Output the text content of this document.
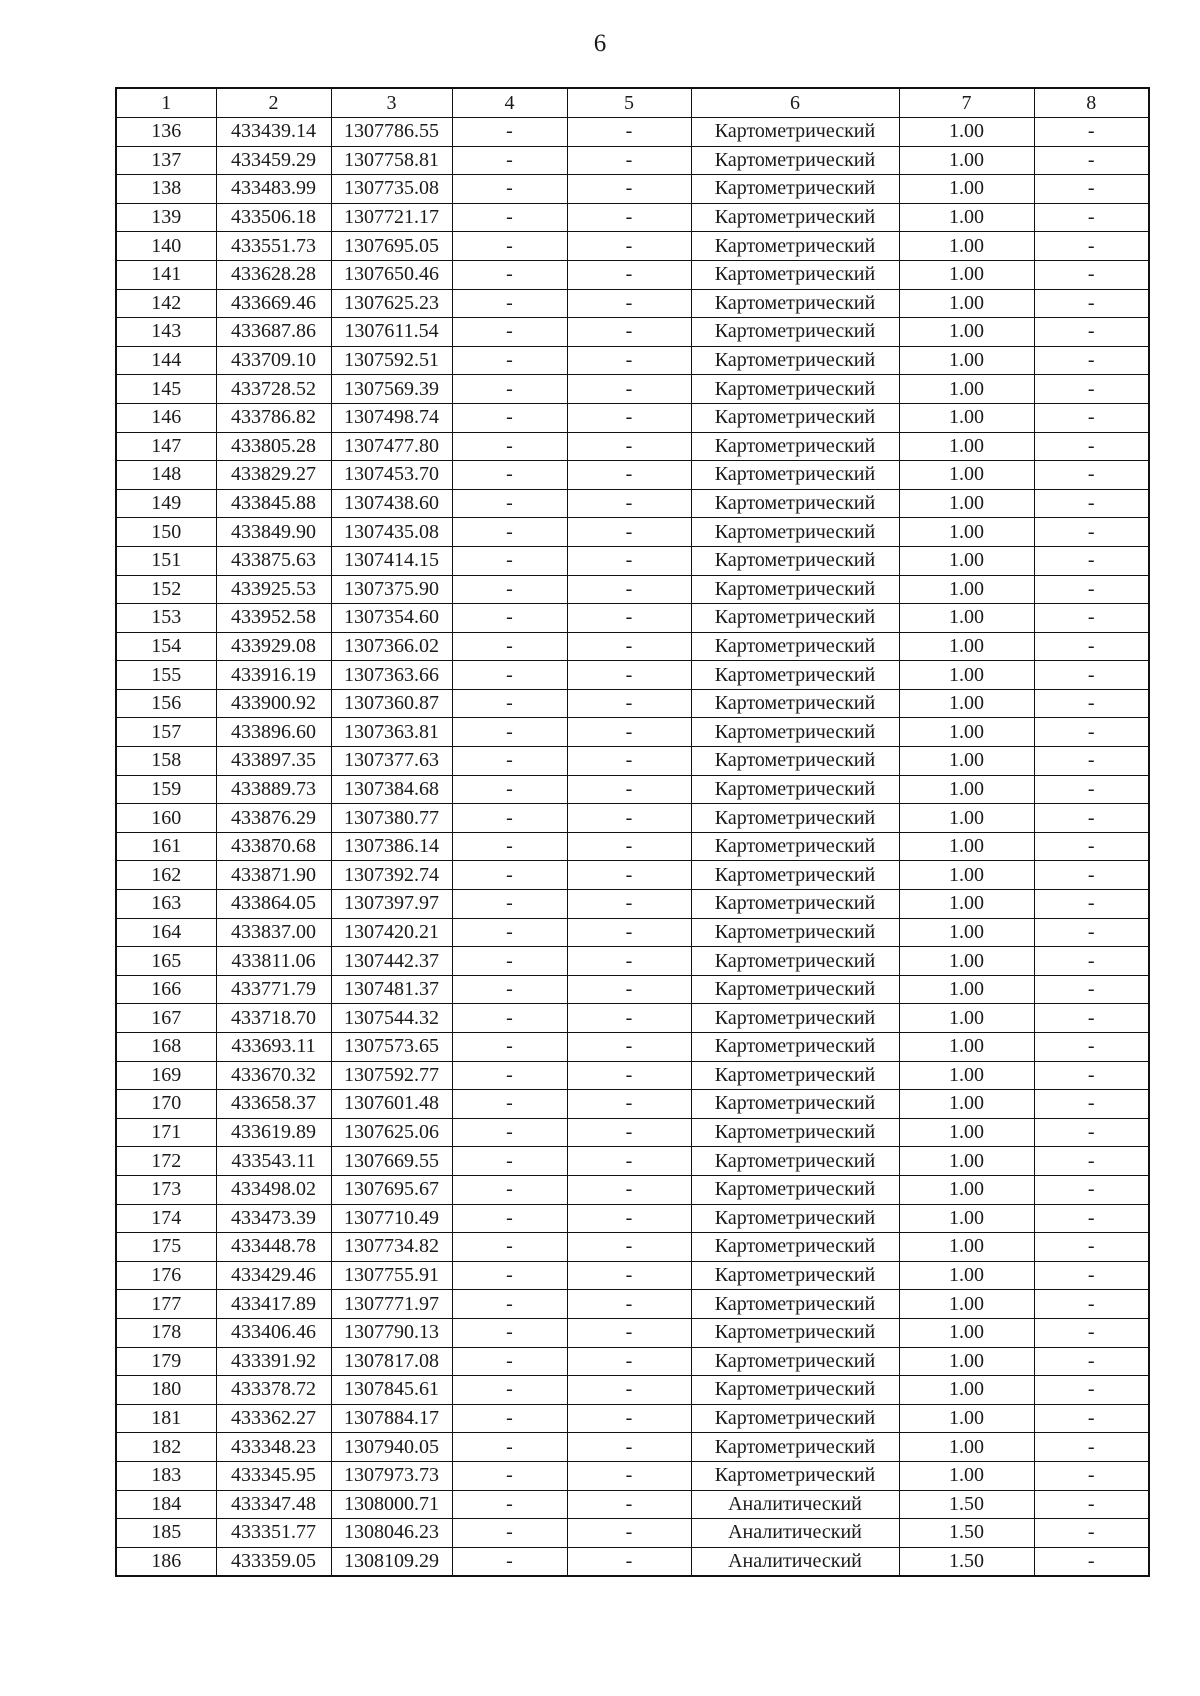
6
1	2	3	4	5	6	7	8
136	433439.14	1307786.55	-	-	Картометрический	1.00	-
137	433459.29	1307758.81	-	-	Картометрический	1.00	-
138	433483.99	1307735.08	-	-	Картометрический	1.00	-
139	433506.18	1307721.17	-	-	Картометрический	1.00	-
140	433551.73	1307695.05	-	-	Картометрический	1.00	-
141	433628.28	1307650.46	-	-	Картометрический	1.00	-
142	433669.46	1307625.23	-	-	Картометрический	1.00	-
143	433687.86	1307611.54	-	-	Картометрический	1.00	-
144	433709.10	1307592.51	-	-	Картометрический	1.00	-
145	433728.52	1307569.39	-	-	Картометрический	1.00	-
146	433786.82	1307498.74	-	-	Картометрический	1.00	-
147	433805.28	1307477.80	-	-	Картометрический	1.00	-
148	433829.27	1307453.70	-	-	Картометрический	1.00	-
149	433845.88	1307438.60	-	-	Картометрический	1.00	-
150	433849.90	1307435.08	-	-	Картометрический	1.00	-
151	433875.63	1307414.15	-	-	Картометрический	1.00	-
152	433925.53	1307375.90	-	-	Картометрический	1.00	-
153	433952.58	1307354.60	-	-	Картометрический	1.00	-
154	433929.08	1307366.02	-	-	Картометрический	1.00	-
155	433916.19	1307363.66	-	-	Картометрический	1.00	-
156	433900.92	1307360.87	-	-	Картометрический	1.00	-
157	433896.60	1307363.81	-	-	Картометрический	1.00	-
158	433897.35	1307377.63	-	-	Картометрический	1.00	-
159	433889.73	1307384.68	-	-	Картометрический	1.00	-
160	433876.29	1307380.77	-	-	Картометрический	1.00	-
161	433870.68	1307386.14	-	-	Картометрический	1.00	-
162	433871.90	1307392.74	-	-	Картометрический	1.00	-
163	433864.05	1307397.97	-	-	Картометрический	1.00	-
164	433837.00	1307420.21	-	-	Картометрический	1.00	-
165	433811.06	1307442.37	-	-	Картометрический	1.00	-
166	433771.79	1307481.37	-	-	Картометрический	1.00	-
167	433718.70	1307544.32	-	-	Картометрический	1.00	-
168	433693.11	1307573.65	-	-	Картометрический	1.00	-
169	433670.32	1307592.77	-	-	Картометрический	1.00	-
170	433658.37	1307601.48	-	-	Картометрический	1.00	-
171	433619.89	1307625.06	-	-	Картометрический	1.00	-
172	433543.11	1307669.55	-	-	Картометрический	1.00	-
173	433498.02	1307695.67	-	-	Картометрический	1.00	-
174	433473.39	1307710.49	-	-	Картометрический	1.00	-
175	433448.78	1307734.82	-	-	Картометрический	1.00	-
176	433429.46	1307755.91	-	-	Картометрический	1.00	-
177	433417.89	1307771.97	-	-	Картометрический	1.00	-
178	433406.46	1307790.13	-	-	Картометрический	1.00	-
179	433391.92	1307817.08	-	-	Картометрический	1.00	-
180	433378.72	1307845.61	-	-	Картометрический	1.00	-
181	433362.27	1307884.17	-	-	Картометрический	1.00	-
182	433348.23	1307940.05	-	-	Картометрический	1.00	-
183	433345.95	1307973.73	-	-	Картометрический	1.00	-
184	433347.48	1308000.71	-	-	Аналитический	1.50	-
185	433351.77	1308046.23	-	-	Аналитический	1.50	-
186	433359.05	1308109.29	-	-	Аналитический	1.50	-
